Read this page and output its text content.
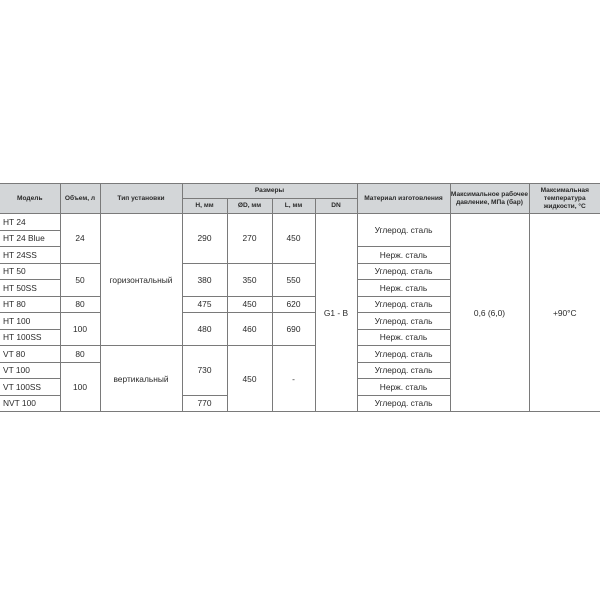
Модель	Объем, л	Тип установки	Размеры				Материал изготовления	Максимальное рабочее давление, МПа (бар)	Максимальная температура жидкости, °С
			H, мм	ØD, мм	L, мм	DN			
HT 24	24	горизонтальный	290	270	450	G1 - B	Углерод. сталь	0,6 (6,0)	+90°С
HT 24 Blue									
HT 24SS							Нерж. сталь		
HT 50	50		380	350	550		Углерод. сталь		
HT 50SS							Нерж. сталь		
HT 80	80		475	450	620		Углерод. сталь		
HT 100	100		480	460	690		Углерод. сталь		
HT 100SS							Нерж. сталь		
VT 80	80	вертикальный	730	450	-		Углерод. сталь		
VT 100	100						Углерод. сталь		
VT 100SS							Нерж. сталь		
NVT 100			770				Углерод. сталь		
